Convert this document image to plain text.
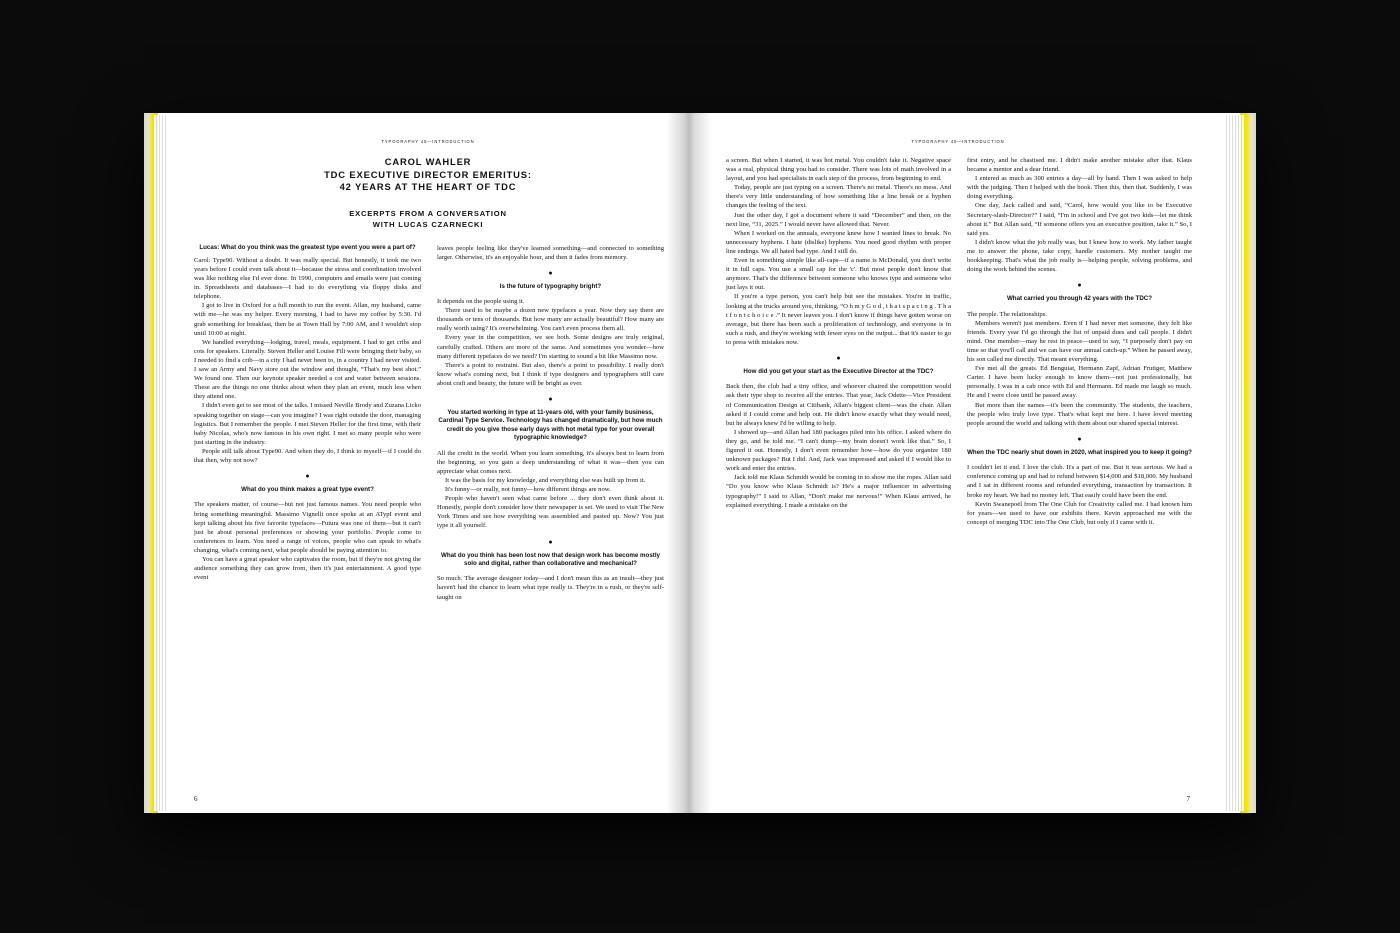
TYPOGRAPHY 45—INTRODUCTION
CAROL WAHLER
TDC EXECUTIVE DIRECTOR EMERITUS:
42 YEARS AT THE HEART OF TDC
EXCERPTS FROM A CONVERSATION
WITH LUCAS CZARNECKI

Lucas: What do you think was the greatest type event you were a part of?

Carol: Type90. Without a doubt. It was really special. But honestly, it took me two years before I could even talk about it—because the stress and coordination involved was like nothing else I'd ever done. In 1990, computers and emails were just coming in. Spreadsheets and databases—I had to do everything via floppy disks and telephone.

I got to live in Oxford for a full month to run the event. Allan, my husband, came with me—he was my helper. Every morning, I had to have my coffee by 5:30. I'd grab something for breakfast, then be at Town Hall by 7:00 AM, and I wouldn't stop until 10:00 at night.

We handled everything—lodging, travel, meals, equipment. I had to get cribs and cots for speakers. Literally. Steven Heller and Louise Fili were bringing their baby, so I needed to find a crib—in a city I had never been to, in a country I had never visited. I saw an Army and Navy store out the window and thought, “That's my best shot.” We found one. Then our keynote speaker needed a cot and water between sessions. These are the things no one thinks about when they plan an event, much less when they attend one.

I didn't even get to see most of the talks. I missed Neville Brody and Zuzana Licko speaking together on stage—can you imagine? I was right outside the door, managing logistics. But I remember the people. I met Steven Heller for the first time, with their baby Nicolas, who's now famous in his own right. I met so many people who were just starting in the industry.

People still talk about Type90. And when they do, I think to myself—if I could do that then, why not now?

●

What do you think makes a great type event?

The speakers matter, of course—but not just famous names. You need people who bring something meaningful. Massimo Vignelli once spoke at an ATypI event and kept talking about his five favorite typefaces—Futura was one of them—but it can't just be about personal preferences or showing your portfolio. People come to conferences to learn. You need a range of voices, people who can speak to what's changing, what's coming next, what people should be paying attention to.

You can have a great speaker who captivates the room, but if they're not giving the audience something they can grow from, then it's just entertainment. A good type event

leaves people feeling like they've learned something—and connected to something larger. Otherwise, it's an enjoyable hour, and then it fades from memory.

●

Is the future of typography bright?

It depends on the people using it.

There used to be maybe a dozen new typefaces a year. Now they say there are thousands or tens of thousands. But how many are actually beautiful? How many are really worth using? It's overwhelming. You can't even process them all.

Every year in the competition, we see both. Some designs are truly original, carefully crafted. Others are more of the same. And sometimes you wonder—how many different typefaces do we need? I'm starting to sound a bit like Massimo now.

There's a point to restraint. But also, there's a point to possibility. I really don't know what's coming next, but I think if type designers and typographers still care about craft and beauty, the future will be bright as ever.

●

You started working in type at 11-years old, with your family business, Cardinal Type Service. Technology has changed dramatically, but how much credit do you give those early days with hot metal type for your overall typographic knowledge?

All the credit in the world. When you learn something, it's always best to learn from the beginning, so you gain a deep understanding of what it was—then you can appreciate what comes next.

It was the basis for my knowledge, and everything else was built up from it.

It's funny—or really, not funny—how different things are now.

People who haven't seen what came before ... they don't even think about it. Honestly, people don't consider how their newspaper is set. We used to visit The New York Times and see how everything was assembled and pasted up. Now? You just type it all yourself.

●

What do you think has been lost now that design work has become mostly solo and digital, rather than collaborative and mechanical?

So much. The average designer today—and I don't mean this as an insult—they just haven't had the chance to learn what type really is. They're in a rush, or they're self-taught on

6
TYPOGRAPHY 45—INTRODUCTION

a screen. But when I started, it was hot metal. You couldn't fake it. Negative space was a real, physical thing you had to consider. There was lots of math involved in a layout, and you had specialists in each step of the process, from beginning to end.

Today, people are just typing on a screen. There's no metal. There's no mess. And there's very little understanding of how something like a line break or a hyphen changes the feeling of the text.

Just the other day, I got a document where it said “December” and then, on the next line, “31, 2025.” I would never have allowed that. Never.

When I worked on the annuals, everyone knew how I wanted lines to break. No unnecessary hyphens. I hate (dislike) hyphens. You need good rhythm with proper line endings. We all hated bad type. And I still do.

Even in something simple like all-caps—if a name is McDonald, you don't write it in full caps. You use a small cap for the 'c'. But most people don't know that anymore. That's the difference between someone who knows type and someone who just lays it out.

If you're a type person, you can't help but see the mistakes. You're in traffic, looking at the trucks around you, thinking, “O h m y G o d , t h a t s p a c i n g . T h a t f o n t c h o i c e .” It never leaves you. I don't know if things have gotten worse on average, but there has been such a proliferation of technology, and everyone is in such a rush, and they're working with fewer eyes on the output... that it's easier to go to press with mistakes now.

●

How did you get your start as the Executive Director at the TDC?

Back then, the club had a tiny office, and whoever chaired the competition would ask their type shop to receive all the entries. That year, Jack Odette—Vice President of Communication Design at Citibank, Allan's biggest client—was the chair. Allan asked if I could come and help out. He didn't know exactly what they would need, but he always knew I'd be willing to help.

I showed up—and Allan had 180 packages piled into his office. I asked where do they go, and he told me. “I can't dump—my brain doesn't work like that.” So, I figured it out. Honestly, I don't even remember how—how do you organize 180 unknown packages? But I did. And, Jack was impressed and asked if I would like to work and enter the entries.

Jack told me Klaus Schmidt would be coming in to show me the ropes. Allan said “Do you know who Klaus Schmidt is? He's a major influencer in advertising typography!” I said to Allan, “Don't make me nervous!” When Klaus arrived, he explained everything. I made a mistake on the

first entry, and he chastised me. I didn't make another mistake after that. Klaus became a mentor and a dear friend.

I entered as much as 300 entries a day—all by hand. Then I was asked to help with the judging. Then I helped with the book. Then this, then that. Suddenly, I was doing everything.

One day, Jack called and said, “Carol, how would you like to be Executive Secretary-slash-Director?” I said, “I'm in school and I've got two kids—let me think about it.” But Allan said, “If someone offers you an executive position, take it.” So, I said yes.

I didn't know what the job really was, but I knew how to work. My father taught me to answer the phone, take copy, handle customers. My mother taught me bookkeeping. That's what the job really is—helping people, solving problems, and doing the work behind the scenes.

●

What carried you through 42 years with the TDC?

The people. The relationships.

Members weren't just members. Even if I had never met someone, they felt like friends. Every year I'd go through the list of unpaid dues and call people. I didn't mind. One member—may he rest in peace—used to say, “I purposely don't pay on time so that you'll call and we can have our annual catch-up.” When he passed away, his son called me directly. That meant everything.

I've met all the greats. Ed Benguiat, Hermann Zapf, Adrian Frutiger, Matthew Carter. I have been lucky enough to know them—not just professionally, but personally. I was in a cab once with Ed and Hermann. Ed made me laugh so much. He and I were close until he passed away.

But more than the names—it's been the community. The students, the teachers, the people who truly love type. That's what kept me here. I have loved meeting people around the world and talking with them about our shared special interest.

●

When the TDC nearly shut down in 2020, what inspired you to keep it going?

I couldn't let it end. I love the club. It's a part of me. But it was serious. We had a conference coming up and had to refund between $14,000 and $18,000. My husband and I sat in different rooms and refunded everything, transaction by transaction. It broke my heart. We had no money left. That easily could have been the end.

Kevin Swanepoël from The One Club for Creativity called me. I had known him for years—we used to have our exhibits there. Kevin approached me with the concept of merging TDC into The One Club, but only if I came with it.

7
